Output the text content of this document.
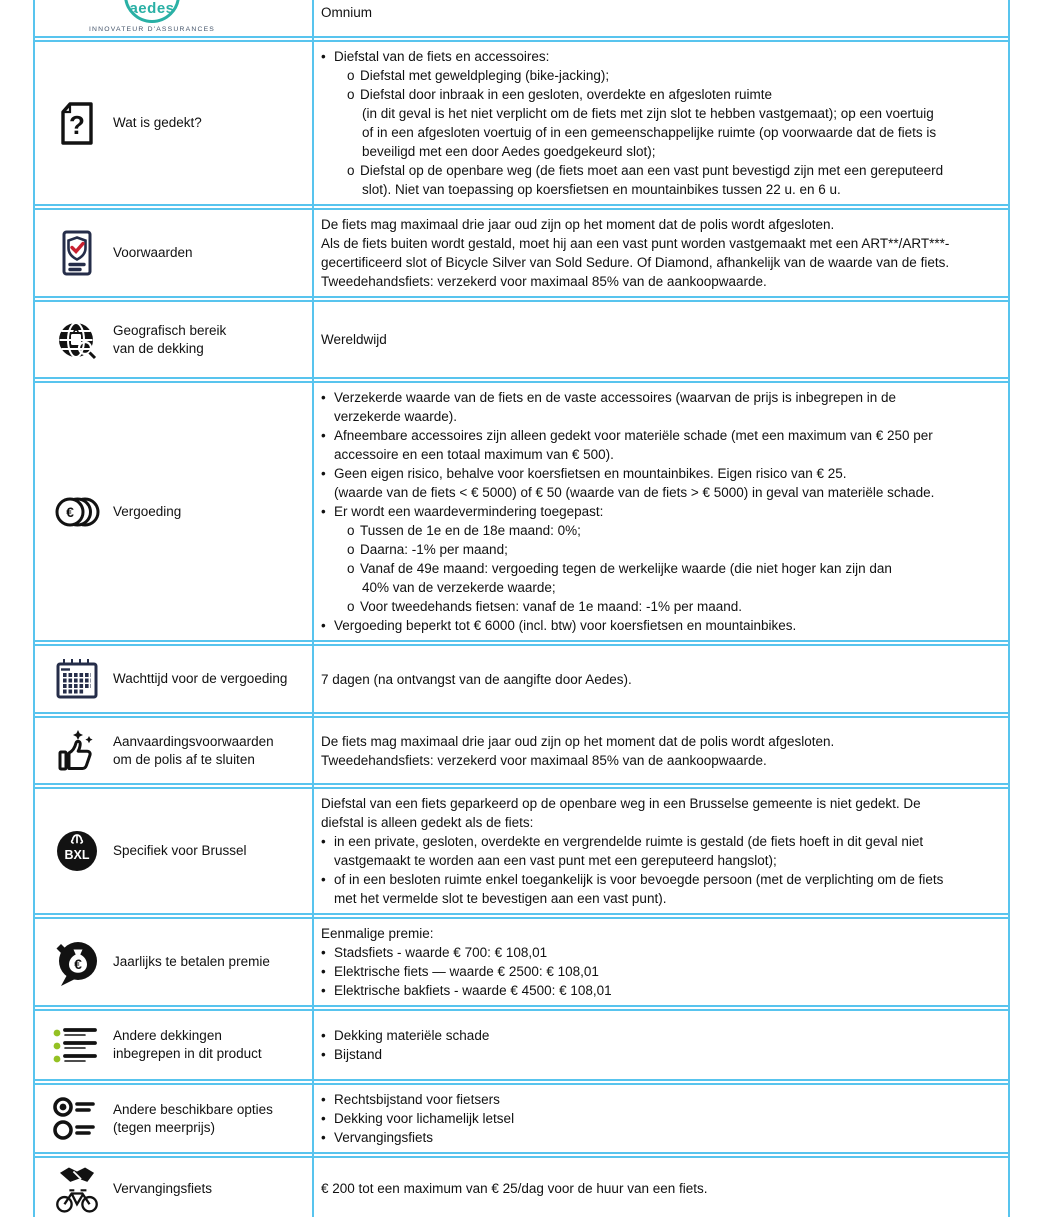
aedes
INNOVATEUR D'ASSURANCES
Omnium
? Wat is gedekt?
• Diefstal van de fiets en accessoires:
o Diefstal met geweldpleging (bike-jacking);
o Diefstal door inbraak in een gesloten, overdekte en afgesloten ruimte
(in dit geval is het niet verplicht om de fiets met zijn slot te hebben vastgemaat); op een voertuig
of in een afgesloten voertuig of in een gemeenschappelijke ruimte (op voorwaarde dat de fiets is
beveiligd met een door Aedes goedgekeurd slot);
o Diefstal op de openbare weg (de fiets moet aan een vast punt bevestigd zijn met een gereputeerd
slot). Niet van toepassing op koersfietsen en mountainbikes tussen 22 u. en 6 u.
Voorwaarden
De fiets mag maximaal drie jaar oud zijn op het moment dat de polis wordt afgesloten.
Als de fiets buiten wordt gestald, moet hij aan een vast punt worden vastgemaakt met een ART**/ART***-
gecertificeerd slot of Bicycle Silver van Sold Sedure. Of Diamond, afhankelijk van de waarde van de fiets.
Tweedehandsfiets: verzekerd voor maximaal 85% van de aankoopwaarde.
Geografisch bereik
van de dekking
Wereldwijd
€	Vergoeding
• Verzekerde waarde van de fiets en de vaste accessoires (waarvan de prijs is inbegrepen in de
verzekerde waarde).
• Afneembare accessoires zijn alleen gedekt voor materiële schade (met een maximum van € 250 per
accessoire en een totaal maximum van € 500).
• Geen eigen risico, behalve voor koersfietsen en mountainbikes. Eigen risico van € 25.
(waarde van de fiets < € 5000) of € 50 (waarde van de fiets > € 5000) in geval van materiële schade.
• Er wordt een waardevermindering toegepast:
o Tussen de 1e en de 18e maand: 0%;
o Daarna: -1% per maand;
o Vanaf de 49e maand: vergoeding tegen de werkelijke waarde (die niet hoger kan zijn dan
40% van de verzekerde waarde;
o Voor tweedehands fietsen: vanaf de 1e maand: -1% per maand.
• Vergoeding beperkt tot € 6000 (incl. btw) voor koersfietsen en mountainbikes.
Wachttijd voor de vergoeding 7 dagen (na ontvangst van de aangifte door Aedes).
Aanvaardingsvoorwaarden
om de polis af te sluiten
De fiets mag maximaal drie jaar oud zijn op het moment dat de polis wordt afgesloten.
Tweedehandsfiets: verzekerd voor maximaal 85% van de aankoopwaarde.
BXL Specifiek voor Brussel
Diefstal van een fiets geparkeerd op de openbare weg in een Brusselse gemeente is niet gedekt. De
diefstal is alleen gedekt als de fiets:
• in een private, gesloten, overdekte en vergrendelde ruimte is gestald (de fiets hoeft in dit geval niet
vastgemaakt te worden aan een vast punt met een gereputeerd hangslot);
• of in een besloten ruimte enkel toegankelijk is voor bevoegde persoon (met de verplichting om de fiets
met het vermelde slot te bevestigen aan een vast punt).
€ Jaarlijks te betalen premie
Eenmalige premie:
• Stadsfiets - waarde € 700: € 108,01
• Elektrische fiets — waarde € 2500: € 108,01
• Elektrische bakfiets - waarde € 4500: € 108,01
Andere dekkingen
inbegrepen in dit product
• Dekking materiële schade
• Bijstand
Andere beschikbare opties
(tegen meerprijs)
• Rechtsbijstand voor fietsers
• Dekking voor lichamelijk letsel
• Vervangingsfiets
Vervangingsfiets	€ 200 tot een maximum van € 25/dag voor de huur van een fiets.
